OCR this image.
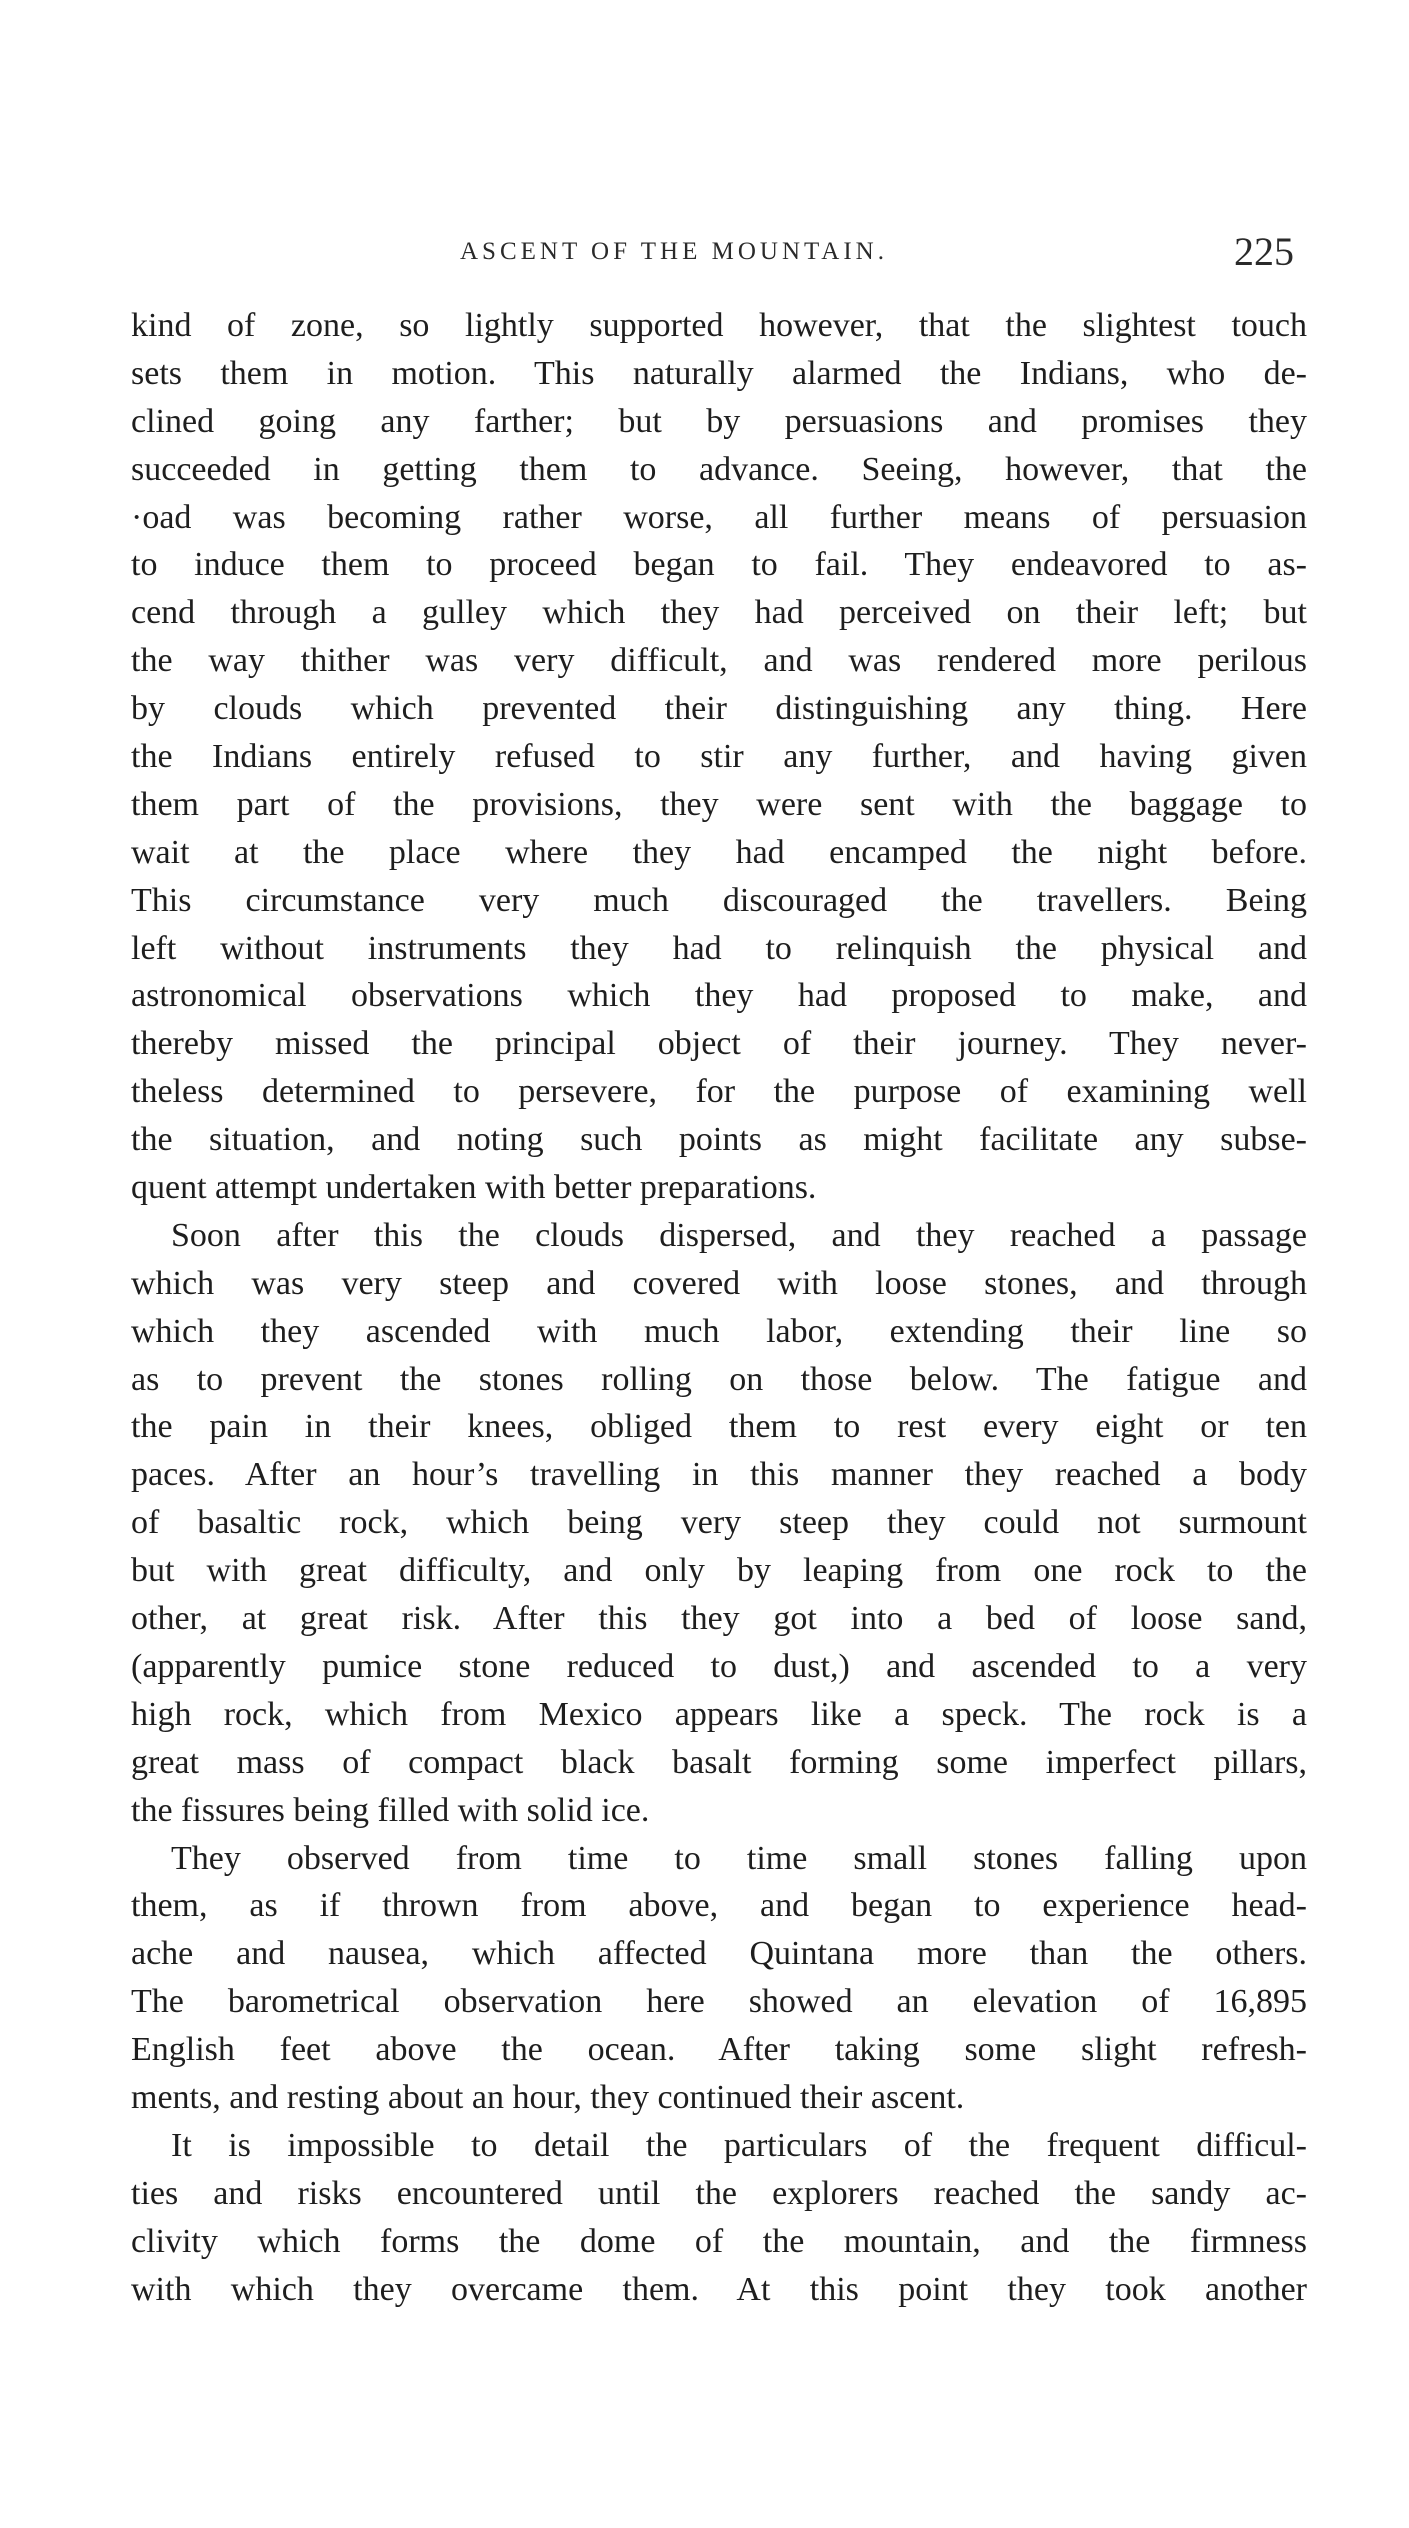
ASCENT OF THE MOUNTAIN.	225
kind of zone, so lightly supported however, that the slightest touch
sets them in motion. This naturally alarmed the Indians, who de-
clined going any farther; but by persuasions and promises they
succeeded in getting them to advance. Seeing, however, that the
·oad was becoming rather worse, all further means of persuasion
to induce them to proceed began to fail. They endeavored to as-
cend through a gulley which they had perceived on their left; but
the way thither was very difficult, and was rendered more perilous
by clouds which prevented their distinguishing any thing. Here
the Indians entirely refused to stir any further, and having given
them part of the provisions, they were sent with the baggage to
wait at the place where they had encamped the night before.
This circumstance very much discouraged the travellers. Being
left without instruments they had to relinquish the physical and
astronomical observations which they had proposed to make, and
thereby missed the principal object of their journey. They never-
theless determined to persevere, for the purpose of examining well
the situation, and noting such points as might facilitate any subse-
quent attempt undertaken with better preparations.
Soon after this the clouds dispersed, and they reached a passage
which was very steep and covered with loose stones, and through
which they ascended with much labor, extending their line so
as to prevent the stones rolling on those below. The fatigue and
the pain in their knees, obliged them to rest every eight or ten
paces. After an hour’s travelling in this manner they reached a body
of basaltic rock, which being very steep they could not surmount
but with great difficulty, and only by leaping from one rock to the
other, at great risk. After this they got into a bed of loose sand,
(apparently pumice stone reduced to dust,) and ascended to a very
high rock, which from Mexico appears like a speck. The rock is a
great mass of compact black basalt forming some imperfect pillars,
the fissures being filled with solid ice.
They observed from time to time small stones falling upon
them, as if thrown from above, and began to experience head-
ache and nausea, which affected Quintana more than the others.
The barometrical observation here showed an elevation of 16,895
English feet above the ocean. After taking some slight refresh-
ments, and resting about an hour, they continued their ascent.
It is impossible to detail the particulars of the frequent difficul-
ties and risks encountered until the explorers reached the sandy ac-
clivity which forms the dome of the mountain, and the firmness
with which they overcame them. At this point they took another
